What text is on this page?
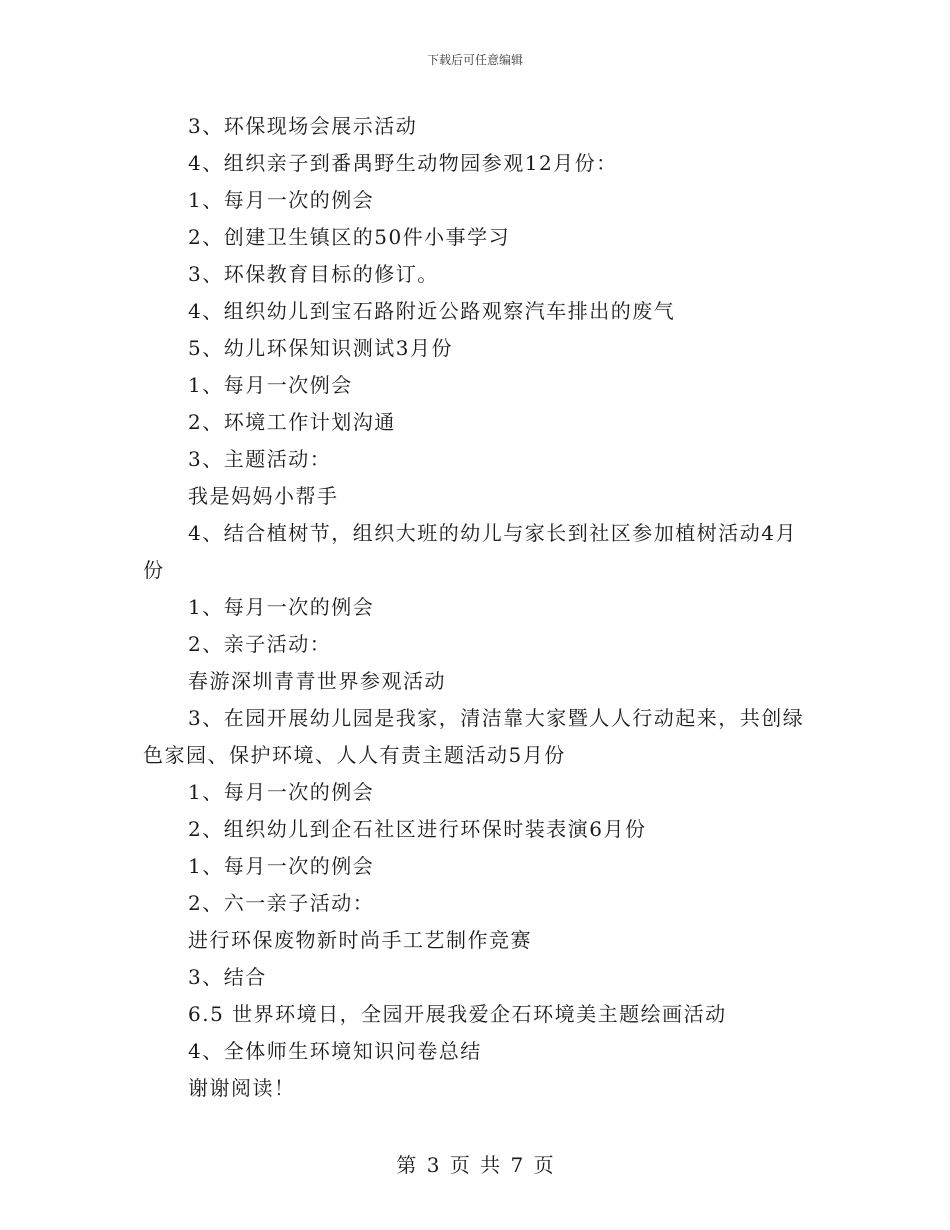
下载后可任意编辑
3、环保现场会展示活动
4、组织亲子到番禺野生动物园参观12月份：
1、每月一次的例会
2、创建卫生镇区的50件小事学习
3、环保教育目标的修订。
4、组织幼儿到宝石路附近公路观察汽车排出的废气
5、幼儿环保知识测试3月份
1、每月一次例会
2、环境工作计划沟通
3、主题活动：
我是妈妈小帮手
4、结合植树节，组织大班的幼儿与家长到社区参加植树活动4月
份
1、每月一次的例会
2、亲子活动：
春游深圳青青世界参观活动
3、在园开展幼儿园是我家，清洁靠大家暨人人行动起来，共创绿
色家园、保护环境、人人有责主题活动5月份
1、每月一次的例会
2、组织幼儿到企石社区进行环保时装表演6月份
1、每月一次的例会
2、六一亲子活动：
进行环保废物新时尚手工艺制作竞赛
3、结合
6.5 世界环境日，全园开展我爱企石环境美主题绘画活动
4、全体师生环境知识问卷总结
谢谢阅读！
第 3 页 共 7 页
